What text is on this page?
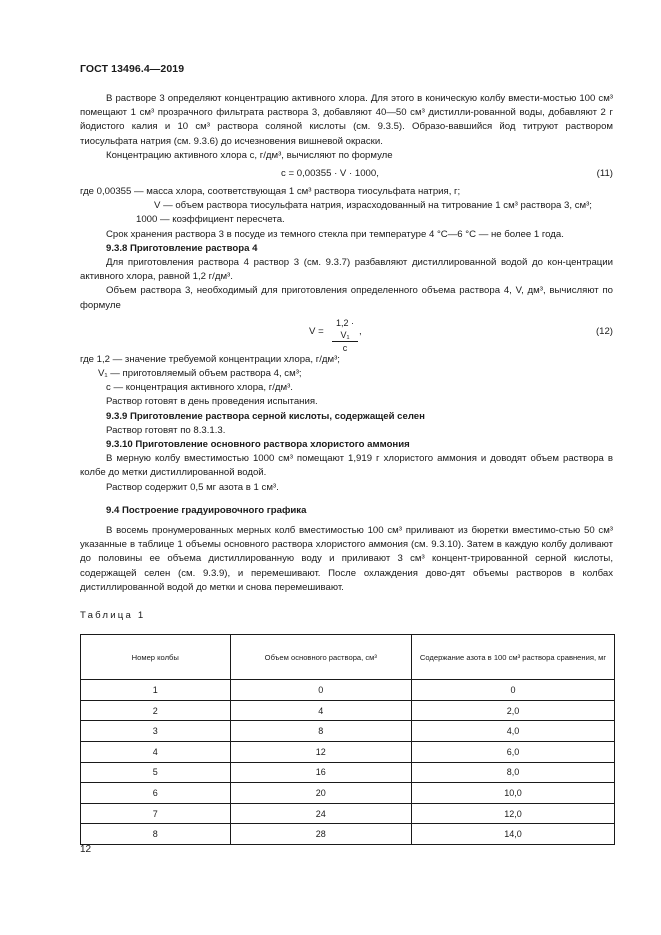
ГОСТ 13496.4—2019

В растворе 3 определяют концентрацию активного хлора. Для этого в коническую колбу вмести-мостью 100 см³ помещают 1 см³ прозрачного фильтрата раствора 3, добавляют 40—50 см³ дистилли-рованной воды, добавляют 2 г йодистого калия и 10 см³ раствора соляной кислоты (см. 9.3.5). Образо-вавшийся йод титруют раствором тиосульфата натрия (см. 9.3.6) до исчезновения вишневой окраски.

Концентрацию активного хлора c, г/дм³, вычисляют по формуле

c = 0,00355 · V · 1000,	(11)

где 0,00355 — масса хлора, соответствующая 1 см³ раствора тиосульфата натрия, г;

V — объем раствора тиосульфата натрия, израсходованный на титрование 1 см³ раствора 3, см³;

1000 — коэффициент пересчета.

Срок хранения раствора 3 в посуде из темного стекла при температуре 4 °C—6 °C — не более 1 года.

9.3.8 Приготовление раствора 4

Для приготовления раствора 4 раствор 3 (см. 9.3.7) разбавляют дистиллированной водой до кон-центрации активного хлора, равной 1,2 г/дм³.

Объем раствора 3, необходимый для приготовления определенного объема раствора 4, V, дм³, вычисляют по формуле

$V = \frac{\text{1,2 · V₁}}{c}$ ,	(12)

где 1,2 — значение требуемой концентрации хлора, г/дм³;

V₁ — приготовляемый объем раствора 4, см³;

c — концентрация активного хлора, г/дм³.

Раствор готовят в день проведения испытания.

9.3.9 Приготовление раствора серной кислоты, содержащей селен

Раствор готовят по 8.3.1.3.

9.3.10 Приготовление основного раствора хлористого аммония

В мерную колбу вместимостью 1000 см³ помещают 1,919 г хлористого аммония и доводят объем раствора в колбе до метки дистиллированной водой.

Раствор содержит 0,5 мг азота в 1 см³.

9.4 Построение градуировочного графика

В восемь пронумерованных мерных колб вместимостью 100 см³ приливают из бюретки вместимо-стью 50 см³ указанные в таблице 1 объемы основного раствора хлористого аммония (см. 9.3.10). Затем в каждую колбу доливают до половины ее объема дистиллированную воду и приливают 3 см³ концент-трированной серной кислоты, содержащей селен (см. 9.3.9), и перемешивают. После охлаждения дово-дят объемы растворов в колбах дистиллированной водой до метки и снова перемешивают.

Таблица 1

Номер колбы	Объем основного раствора, см³	Содержание азота в 100 см³ раствора сравнения, мг
1	0	0
2	4	2,0
3	8	4,0
4	12	6,0
5	16	8,0
6	20	10,0
7	24	12,0
8	28	14,0
12
